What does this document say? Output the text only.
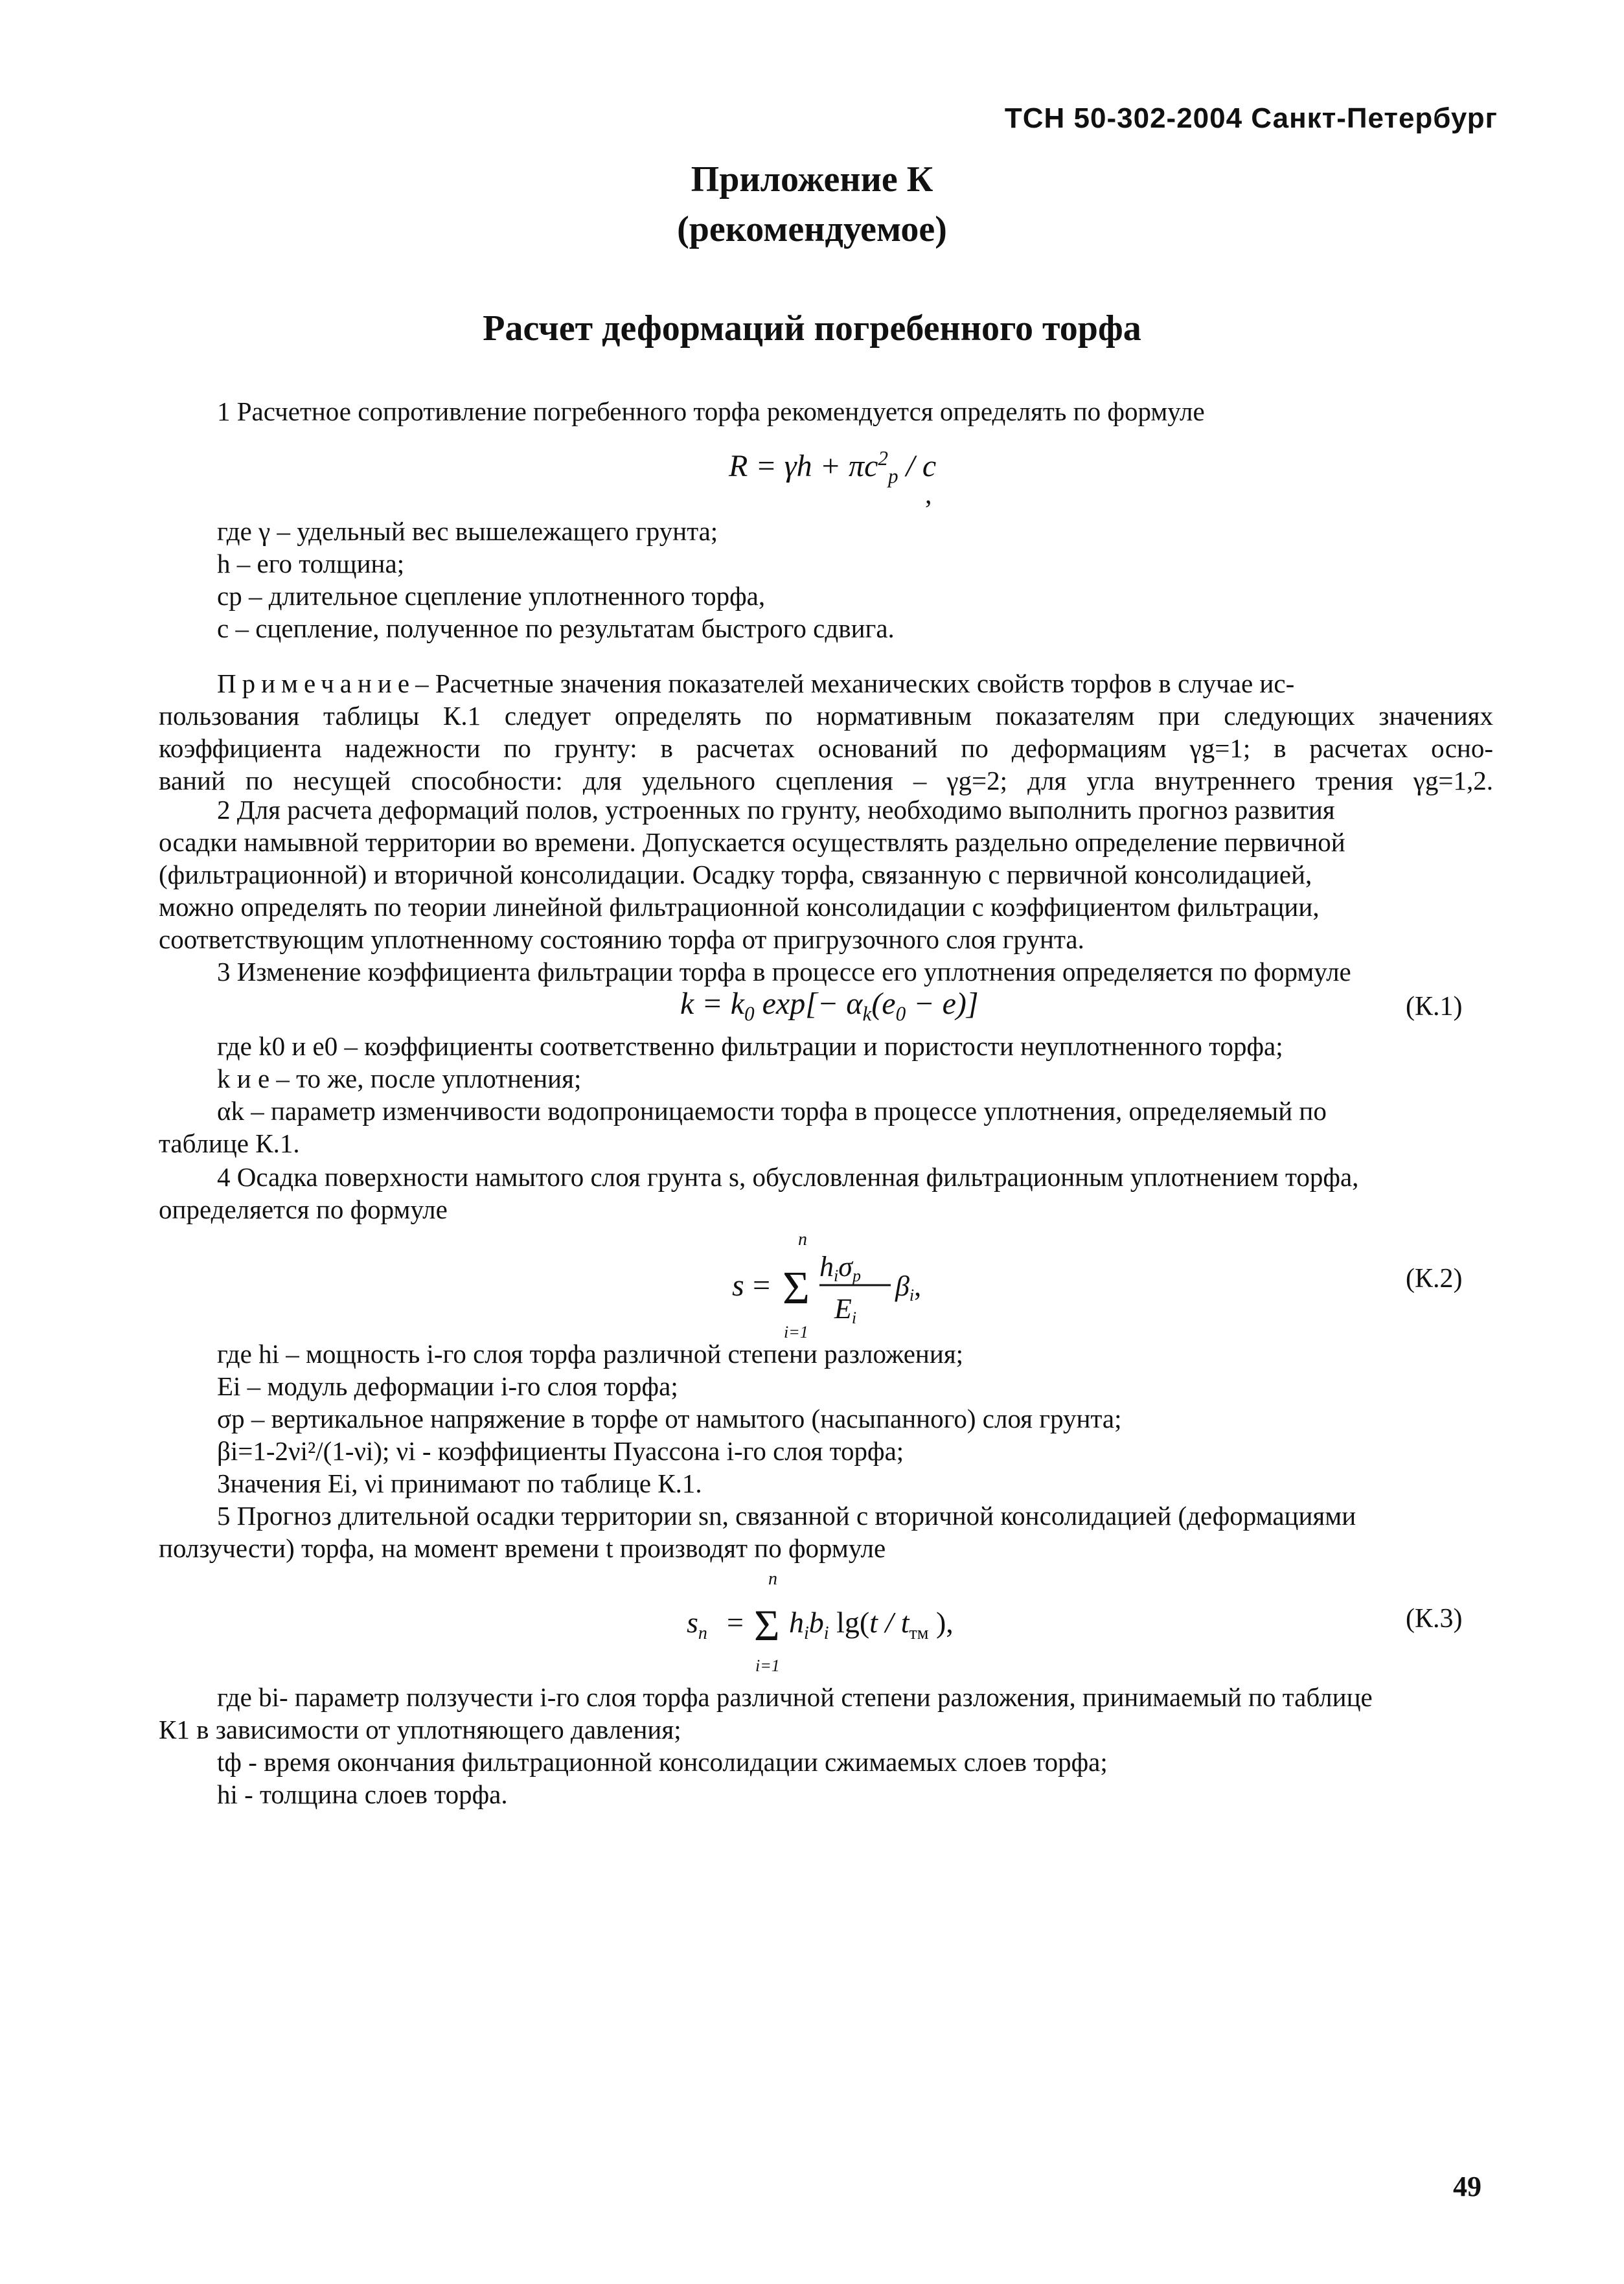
ТСН 50-302-2004 Санкт-Петербург
Приложение К
(рекомендуемое)
Расчет деформаций погребенного торфа
1 Расчетное сопротивление погребенного торфа рекомендуется определять по формуле
$R = \gamma h + \pi c^2_p / c$
,
где γ – удельный вес вышележащего грунта;
h – его толщина;
cp – длительное сцепление уплотненного торфа,
c – сцепление, полученное по результатам быстрого сдвига.
Примечание– Расчетные значения показателей механических свойств торфов в случае ис-
пользования таблицы К.1 следует определять по нормативным показателям при следующих значениях
коэффициента надежности по грунту: в расчетах оснований по деформациям γg=1; в расчетах осно-
ваний по несущей способности: для удельного сцепления – γg=2; для угла внутреннего трения γg=1,2.
2 Для расчета деформаций полов, устроенных по грунту, необходимо выполнить прогноз развития
осадки намывной территории во времени. Допускается осуществлять раздельно определение первичной
(фильтрационной) и вторичной консолидации. Осадку торфа, связанную с первичной консолидацией,
можно определять по теории линейной фильтрационной консолидации с коэффициентом фильтрации,
соответствующим уплотненному состоянию торфа от пригрузочного слоя грунта.
3 Изменение коэффициента фильтрации торфа в процессе его уплотнения определяется по формуле
$k = k_0$ $\exp[- \alpha_k(e_0 - e)]$	(К.1)
где k0 и e0 – коэффициенты соответственно фильтрации и пористости неуплотненного торфа;
k и e – то же, после уплотнения;
αk – параметр изменчивости водопроницаемости торфа в процессе уплотнения, определяемый по
таблице К.1.
4 Осадка поверхности намытого слоя грунта s, обусловленная фильтрационным уплотнением торфа,
определяется по формуле
s =
n
Σ
i=1
hiσp
Ei
βi,	(К.2)
где hi – мощность i-го слоя торфа различной степени разложения;
Ei – модуль деформации i-го слоя торфа;
σp – вертикальное напряжение в торфе от намытого (насыпанного) слоя грунта;
βi=1-2νi²/(1-νi); νi - коэффициенты Пуассона i-го слоя торфа;
Значения Ei, νi принимают по таблице К.1.
5 Прогноз длительной осадки территории sn, связанной с вторичной консолидацией (деформациями
ползучести) торфа, на момент времени t производят по формуле
$s_n$ =
n
Σ
i=1
$h_ib_i$ $\lg(t / t_{тм}$ ),	(К.3)
где bi- параметр ползучести i-го слоя торфа различной степени разложения, принимаемый по таблице
К1 в зависимости от уплотняющего давления;
tф - время окончания фильтрационной консолидации сжимаемых слоев торфа;
hi - толщина слоев торфа.
49
